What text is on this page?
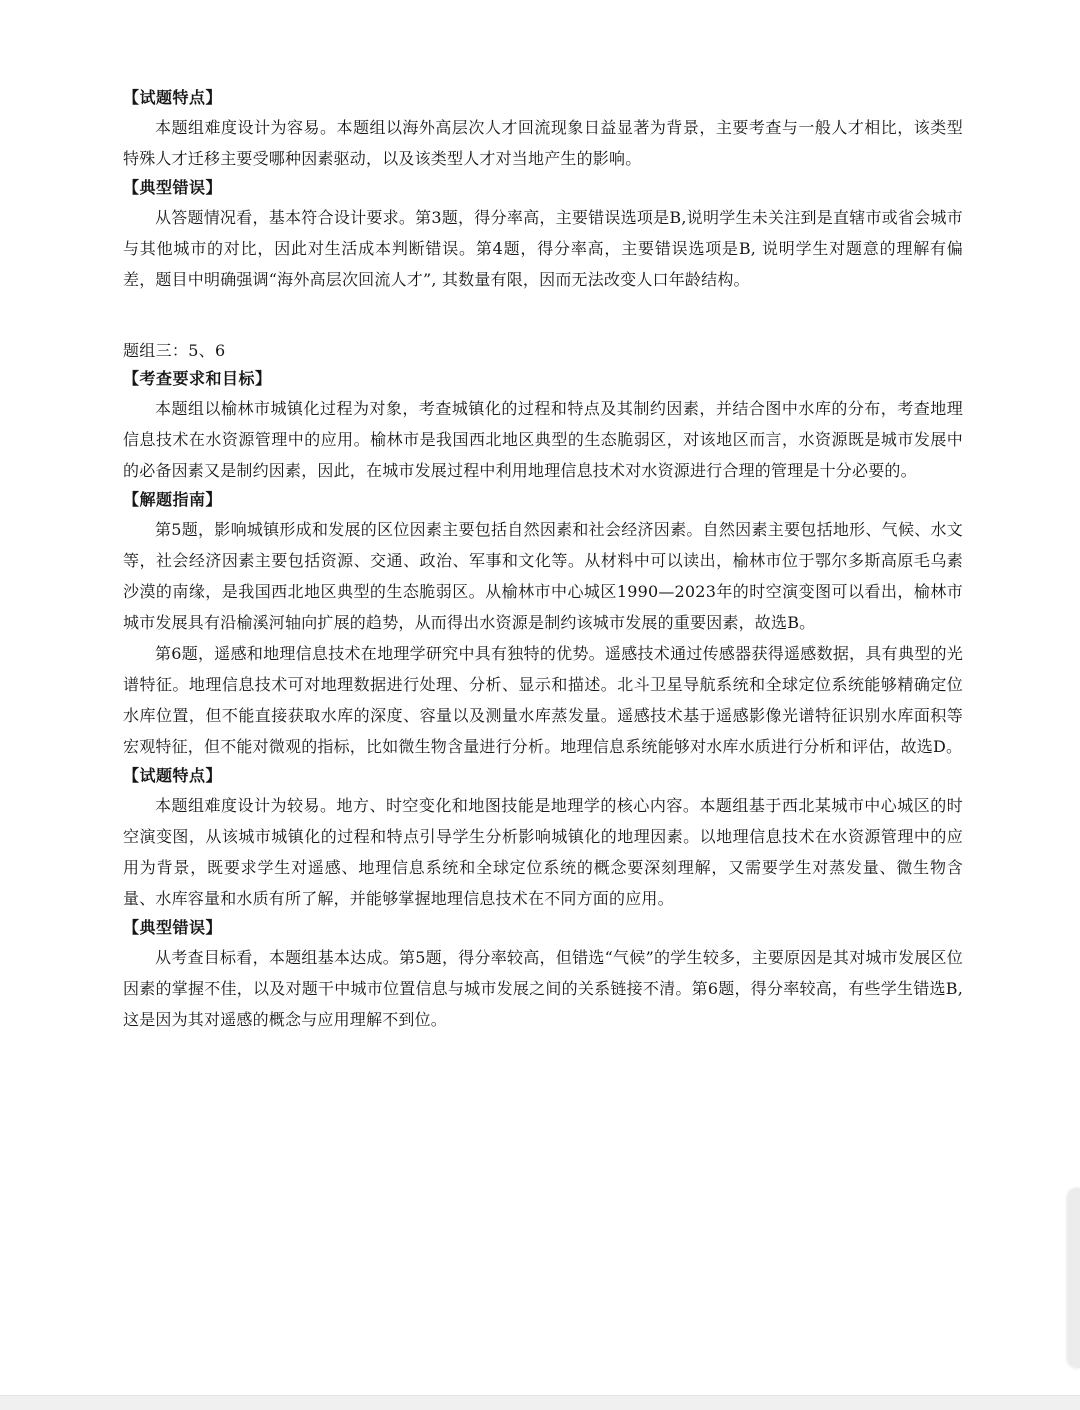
【试题特点】

本题组难度设计为容易。本题组以海外高层次人才回流现象日益显著为背景，主要考查与一般人才相比，该类型特殊人才迁移主要受哪种因素驱动，以及该类型人才对当地产生的影响。

【典型错误】

从答题情况看，基本符合设计要求。第3题，得分率高，主要错误选项是B,说明学生未关注到是直辖市或省会城市与其他城市的对比，因此对生活成本判断错误。第4题，得分率高，主要错误选项是B, 说明学生对题意的理解有偏差，题目中明确强调“海外高层次回流人才”, 其数量有限，因而无法改变人口年龄结构。

题组三：5、6
【考查要求和目标】

本题组以榆林市城镇化过程为对象，考查城镇化的过程和特点及其制约因素，并结合图中水库的分布，考查地理信息技术在水资源管理中的应用。榆林市是我国西北地区典型的生态脆弱区，对该地区而言，水资源既是城市发展中的必备因素又是制约因素，因此，在城市发展过程中利用地理信息技术对水资源进行合理的管理是十分必要的。

【解题指南】

第5题，影响城镇形成和发展的区位因素主要包括自然因素和社会经济因素。自然因素主要包括地形、气候、水文等，社会经济因素主要包括资源、交通、政治、军事和文化等。从材料中可以读出，榆林市位于鄂尔多斯高原毛乌素沙漠的南缘，是我国西北地区典型的生态脆弱区。从榆林市中心城区1990—2023年的时空演变图可以看出，榆林市城市发展具有沿榆溪河轴向扩展的趋势，从而得出水资源是制约该城市发展的重要因素，故选B。

第6题，遥感和地理信息技术在地理学研究中具有独特的优势。遥感技术通过传感器获得遥感数据，具有典型的光谱特征。地理信息技术可对地理数据进行处理、分析、显示和描述。北斗卫星导航系统和全球定位系统能够精确定位水库位置，但不能直接获取水库的深度、容量以及测量水库蒸发量。遥感技术基于遥感影像光谱特征识别水库面积等宏观特征，但不能对微观的指标，比如微生物含量进行分析。地理信息系统能够对水库水质进行分析和评估，故选D。

【试题特点】

本题组难度设计为较易。地方、时空变化和地图技能是地理学的核心内容。本题组基于西北某城市中心城区的时空演变图，从该城市城镇化的过程和特点引导学生分析影响城镇化的地理因素。以地理信息技术在水资源管理中的应用为背景，既要求学生对遥感、地理信息系统和全球定位系统的概念要深刻理解，又需要学生对蒸发量、微生物含量、水库容量和水质有所了解，并能够掌握地理信息技术在不同方面的应用。

【典型错误】

从考查目标看，本题组基本达成。第5题，得分率较高，但错选“气候”的学生较多，主要原因是其对城市发展区位因素的掌握不佳，以及对题干中城市位置信息与城市发展之间的关系链接不清。第6题，得分率较高，有些学生错选B, 这是因为其对遥感的概念与应用理解不到位。
